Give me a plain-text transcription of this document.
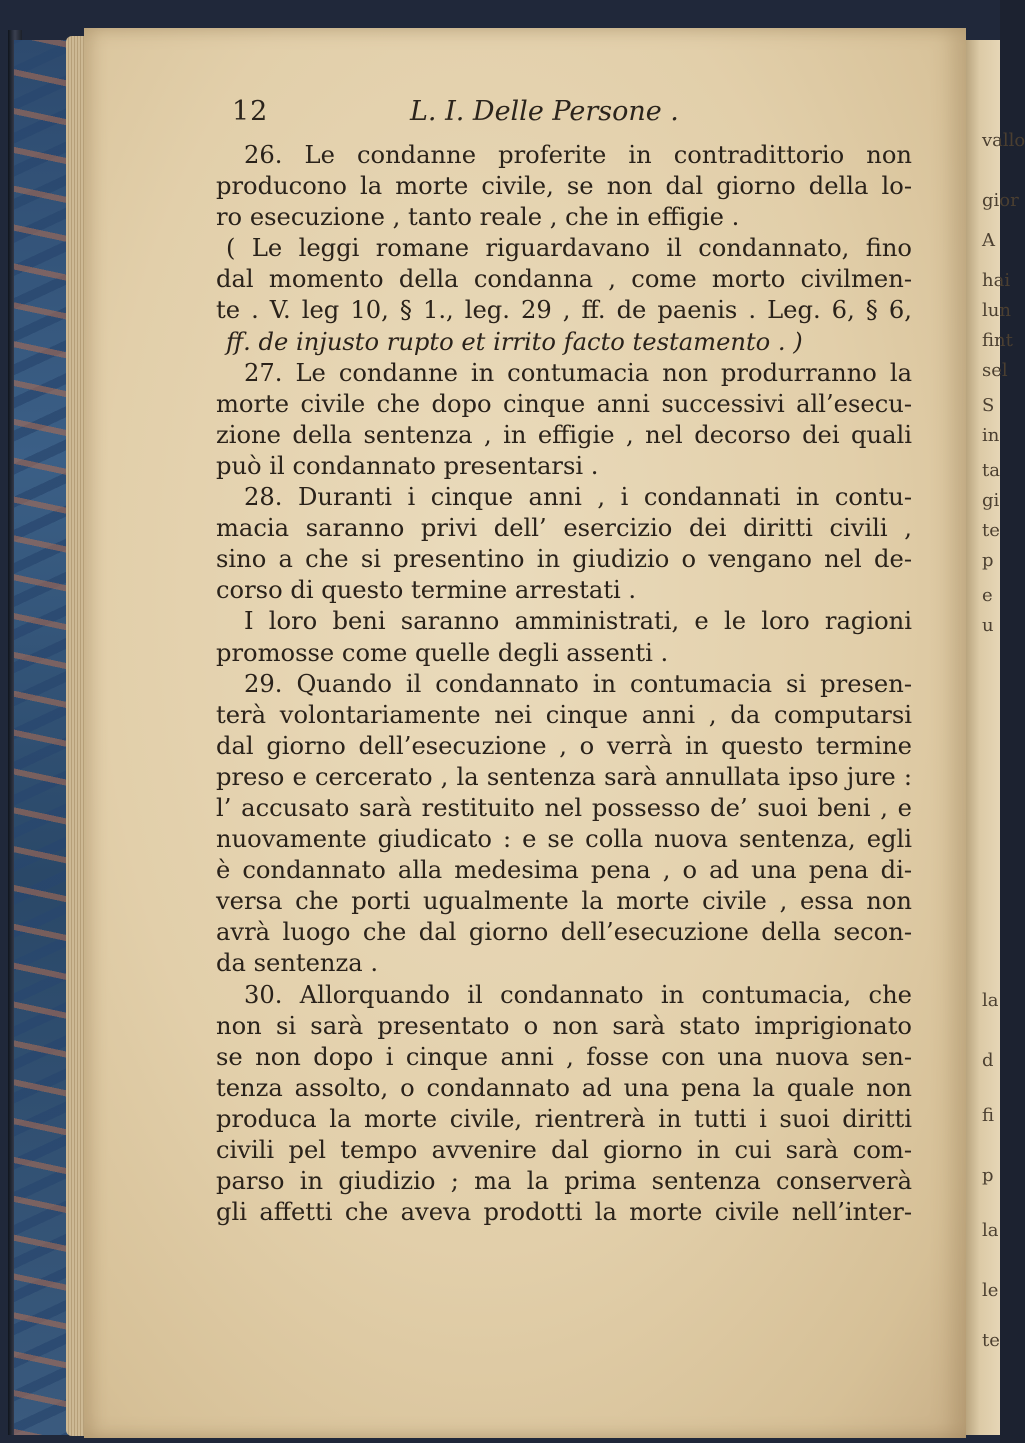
vallo
gior
A
hai
lun
fint
sel
S
in
ta
gi
te
p
e
u
la
d
fi
p
la
le
te
12	L. I. Delle Persone .
26. Le condanne proferite in contradittorio non
producono la morte civile, se non dal giorno della lo-
ro esecuzione , tanto reale , che in effigie .
( Le leggi romane riguardavano il condannato, fino
dal momento della condanna , come morto civilmen-
te . V. leg 10, § 1., leg. 29 , ff. de paenis . Leg. 6, § 6,
ff. de injusto rupto et irrito facto testamento . )
27. Le condanne in contumacia non produrranno la
morte civile che dopo cinque anni successivi all’esecu-
zione della sentenza , in effigie , nel decorso dei quali
può il condannato presentarsi .
28. Duranti i cinque anni , i condannati in contu-
macia saranno privi dell’ esercizio dei diritti civili ,
sino a che si presentino in giudizio o vengano nel de-
corso di questo termine arrestati .
I loro beni saranno amministrati, e le loro ragioni
promosse come quelle degli assenti .
29. Quando il condannato in contumacia si presen-
terà volontariamente nei cinque anni , da computarsi
dal giorno dell’esecuzione , o verrà in questo termine
preso e cercerato , la sentenza sarà annullata ipso jure :
l’ accusato sarà restituito nel possesso de’ suoi beni , e
nuovamente giudicato : e se colla nuova sentenza, egli
è condannato alla medesima pena , o ad una pena di-
versa che porti ugualmente la morte civile , essa non
avrà luogo che dal giorno dell’esecuzione della secon-
da sentenza .
30. Allorquando il condannato in contumacia, che
non si sarà presentato o non sarà stato imprigionato
se non dopo i cinque anni , fosse con una nuova sen-
tenza assolto, o condannato ad una pena la quale non
produca la morte civile, rientrerà in tutti i suoi diritti
civili pel tempo avvenire dal giorno in cui sarà com-
parso in giudizio ; ma la prima sentenza conserverà
gli affetti che aveva prodotti la morte civile nell’inter-
